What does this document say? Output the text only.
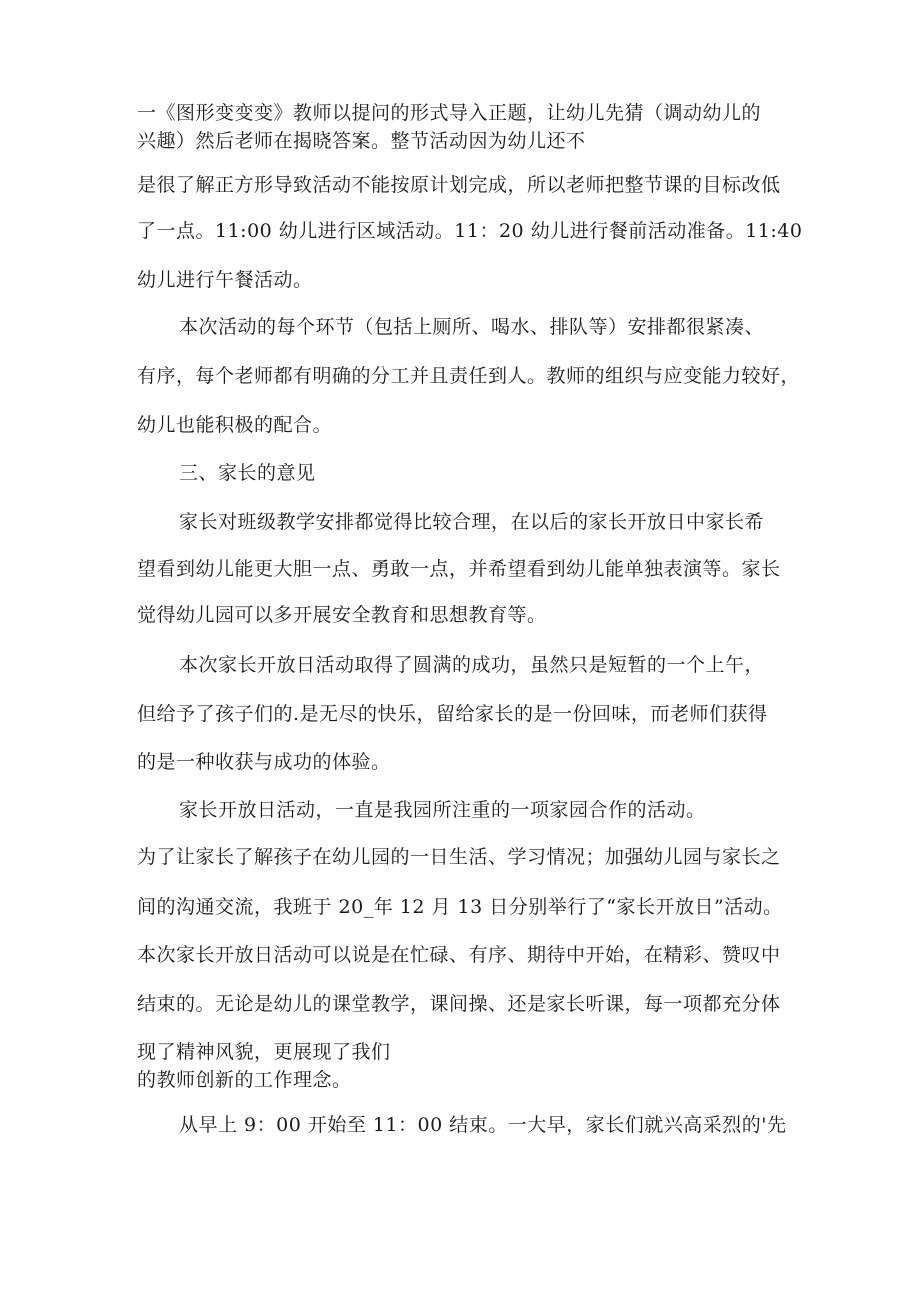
一《图形变变变》教师以提问的形式导入正题，让幼儿先猜（调动幼儿的
兴趣）然后老师在揭晓答案。整节活动因为幼儿还不
是很了解正方形导致活动不能按原计划完成，所以老师把整节课的目标改低
了一点。11:00 幼儿进行区域活动。11：20 幼儿进行餐前活动准备。11:40
幼儿进行午餐活动。
本次活动的每个环节（包括上厕所、喝水、排队等）安排都很紧凑、
有序，每个老师都有明确的分工并且责任到人。教师的组织与应变能力较好，
幼儿也能积极的配合。
三、家长的意见
家长对班级教学安排都觉得比较合理，在以后的家长开放日中家长希
望看到幼儿能更大胆一点、勇敢一点，并希望看到幼儿能单独表演等。家长
觉得幼儿园可以多开展安全教育和思想教育等。
本次家长开放日活动取得了圆满的成功，虽然只是短暂的一个上午，
但给予了孩子们的.是无尽的快乐，留给家长的是一份回味，而老师们获得
的是一种收获与成功的体验。
家长开放日活动，一直是我园所注重的一项家园合作的活动。
为了让家长了解孩子在幼儿园的一日生活、学习情况；加强幼儿园与家长之
间的沟通交流，我班于 20_年 12 月 13 日分别举行了“家长开放日”活动。
本次家长开放日活动可以说是在忙碌、有序、期待中开始，在精彩、赞叹中
结束的。无论是幼儿的课堂教学，课间操、还是家长听课，每一项都充分体
现了精神风貌，更展现了我们
的教师创新的工作理念。
从早上 9：00 开始至 11：00 结束。一大早，家长们就兴高采烈的'先
